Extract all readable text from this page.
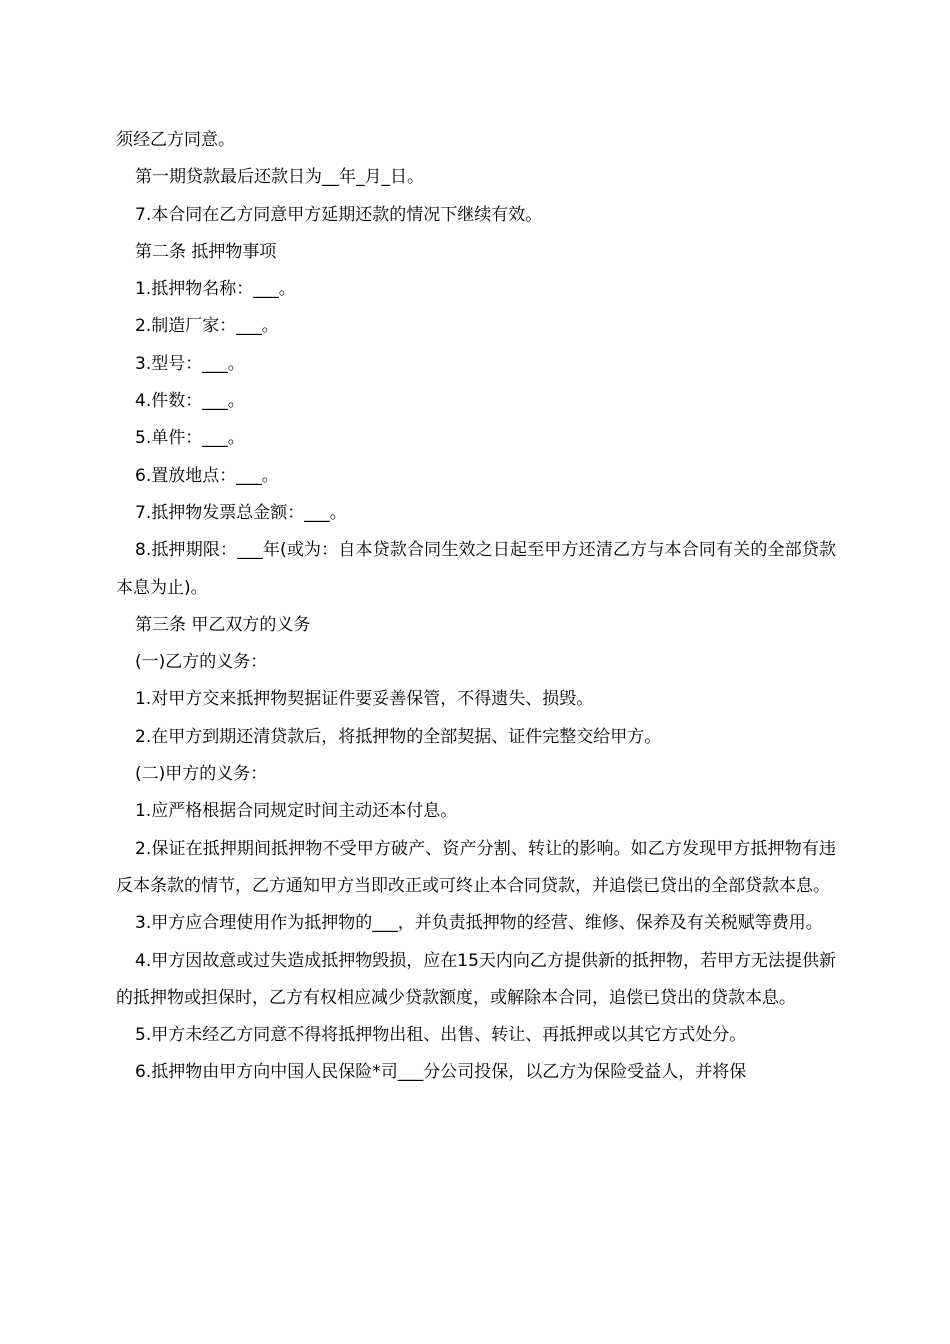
须经乙方同意。

第一期贷款最后还款日为__年_月_日。

7.本合同在乙方同意甲方延期还款的情况下继续有效。

第二条 抵押物事项

1.抵押物名称：___。

2.制造厂家：___。

3.型号：___。

4.件数：___。

5.单件：___。

6.置放地点：___。

7.抵押物发票总金额：___。

8.抵押期限：___年(或为：自本贷款合同生效之日起至甲方还清乙方与本合同有关的全部贷款本息为止)。

第三条 甲乙双方的义务

(一)乙方的义务：

1.对甲方交来抵押物契据证件要妥善保管，不得遗失、损毁。

2.在甲方到期还清贷款后，将抵押物的全部契据、证件完整交给甲方。

(二)甲方的义务：

1.应严格根据合同规定时间主动还本付息。

2.保证在抵押期间抵押物不受甲方破产、资产分割、转让的影响。如乙方发现甲方抵押物有违反本条款的情节，乙方通知甲方当即改正或可终止本合同贷款，并追偿已贷出的全部贷款本息。

3.甲方应合理使用作为抵押物的___，并负责抵押物的经营、维修、保养及有关税赋等费用。

4.甲方因故意或过失造成抵押物毁损，应在15天内向乙方提供新的抵押物，若甲方无法提供新的抵押物或担保时，乙方有权相应减少贷款额度，或解除本合同，追偿已贷出的贷款本息。

5.甲方未经乙方同意不得将抵押物出租、出售、转让、再抵押或以其它方式处分。

6.抵押物由甲方向中国人民保险*司___分公司投保，以乙方为保险受益人，并将保
